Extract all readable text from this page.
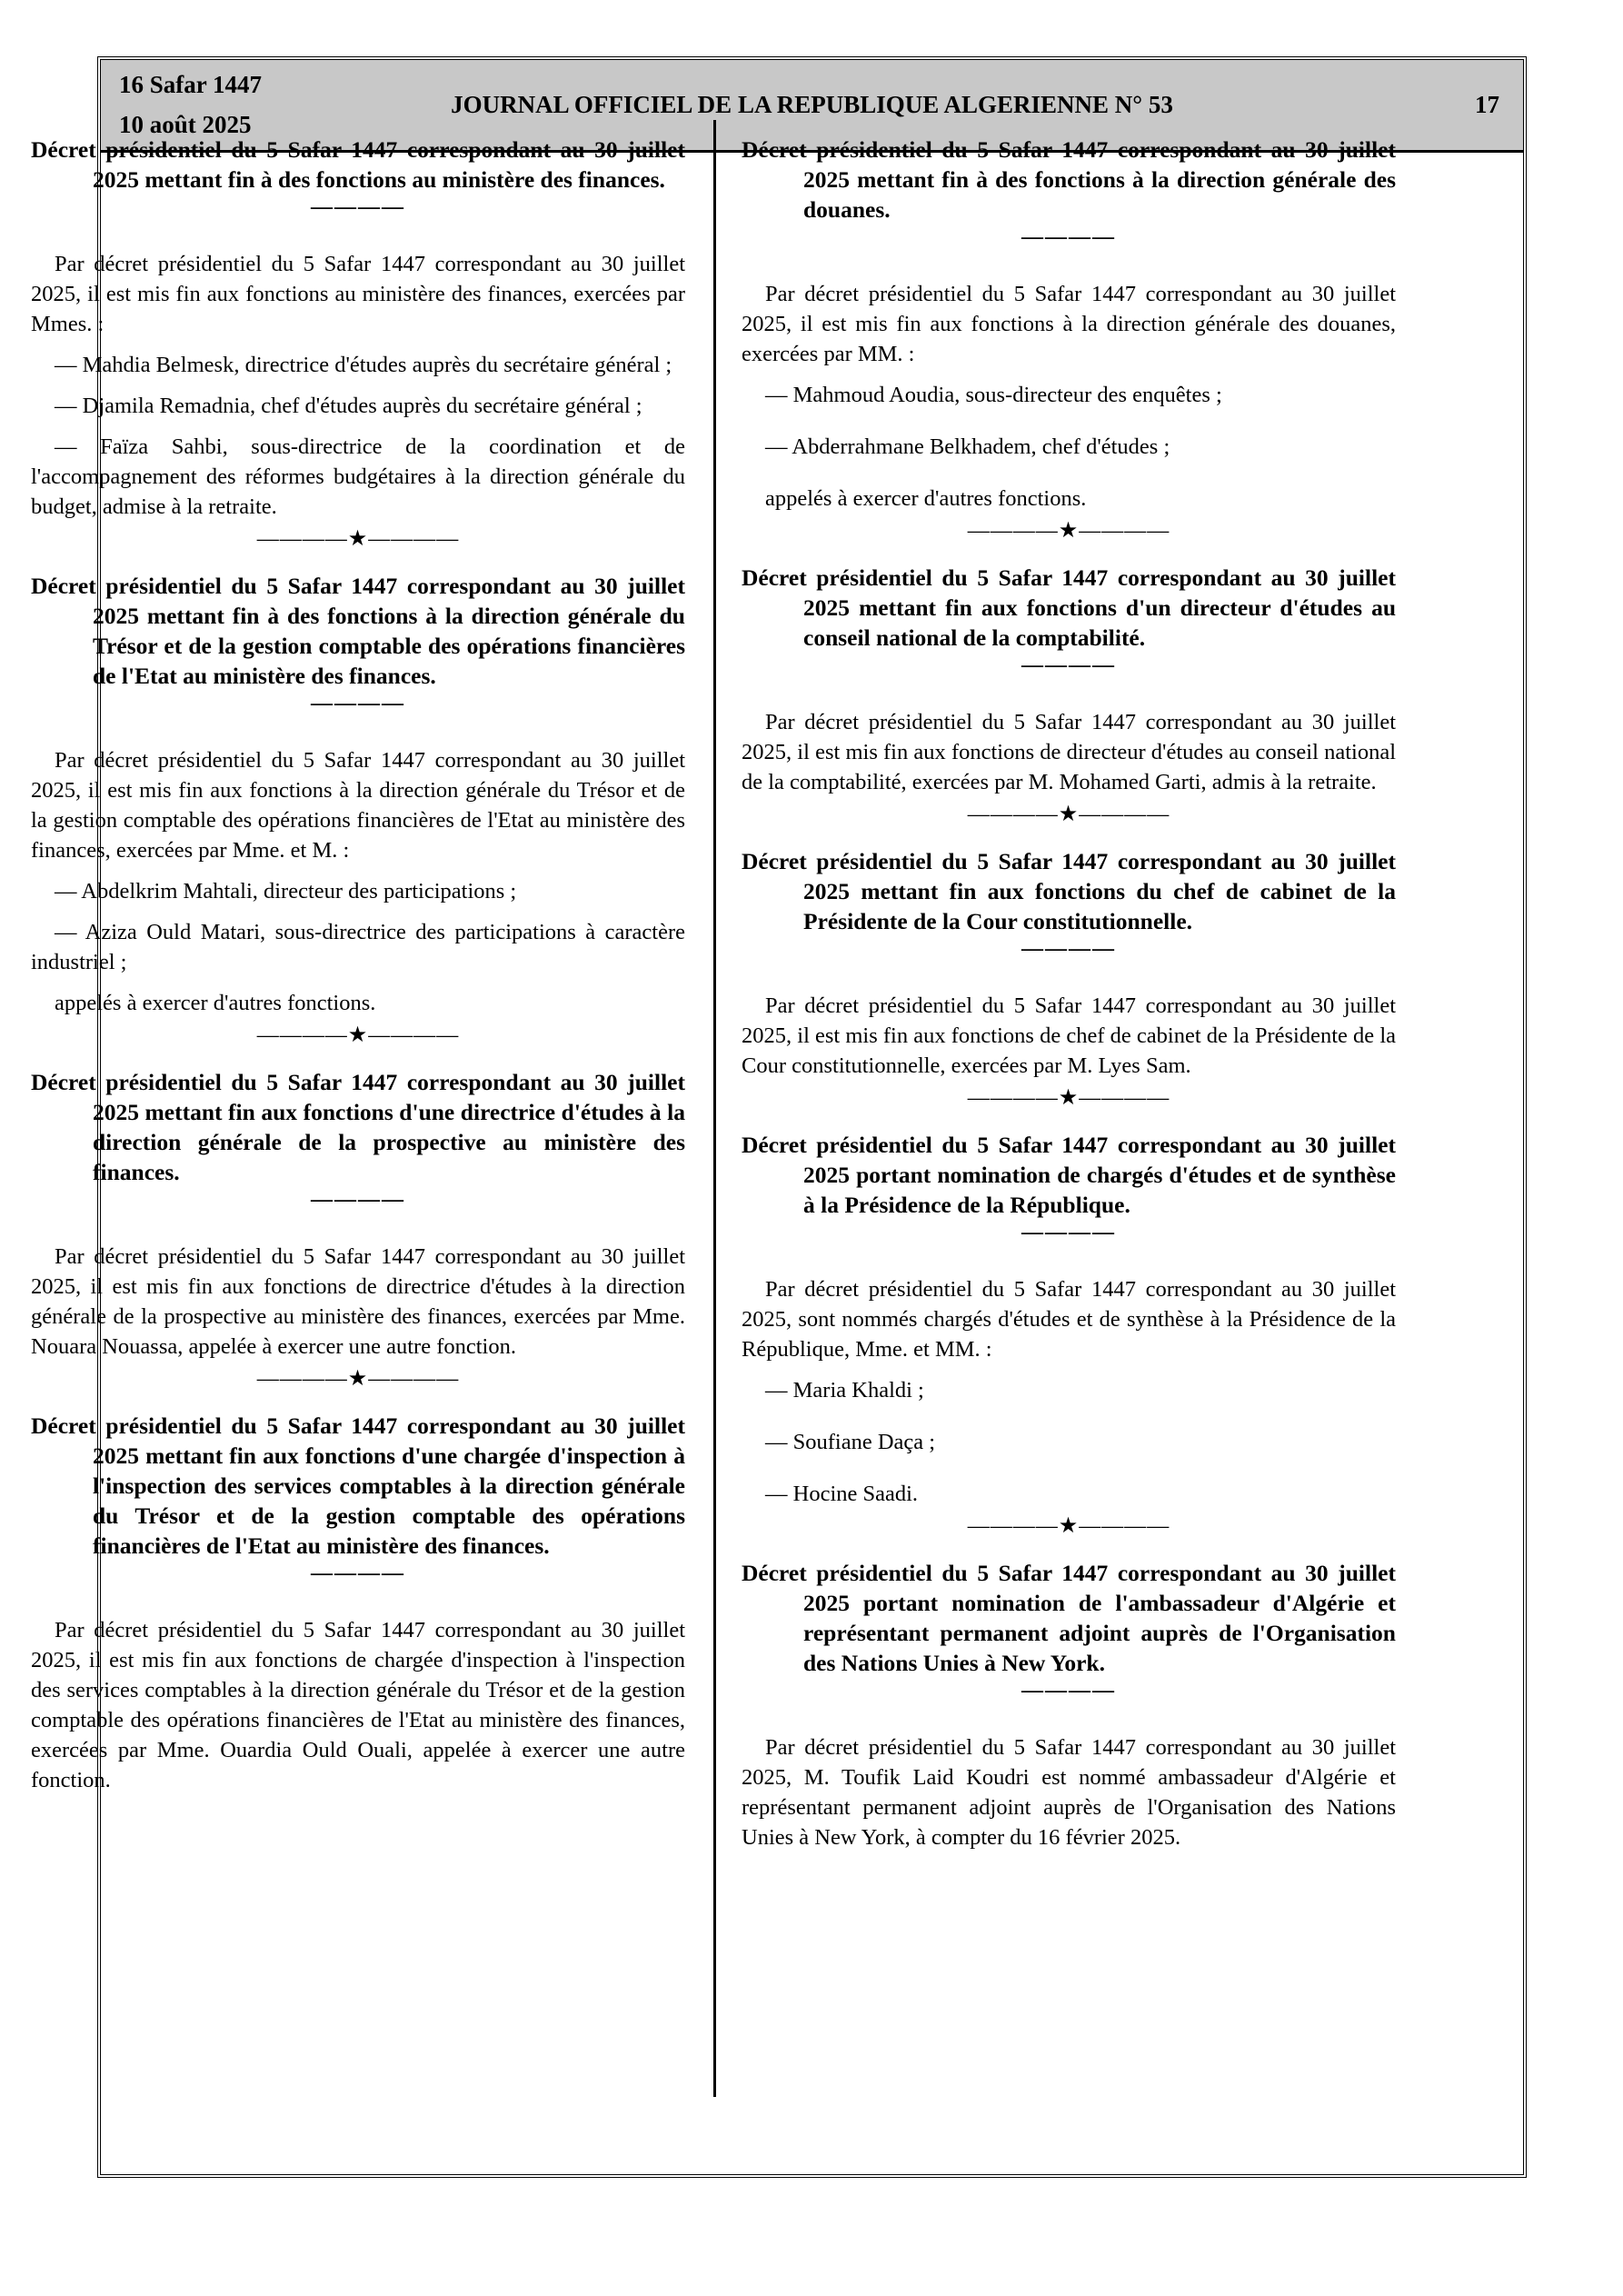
16 Safar 1447
10 août 2025
JOURNAL OFFICIEL DE LA REPUBLIQUE ALGERIENNE N° 53	17

Décret présidentiel du 5 Safar 1447 correspondant au 30 juillet 2025 mettant fin à des fonctions au ministère des finances.

————

Par décret présidentiel du 5 Safar 1447 correspondant au 30 juillet 2025, il est mis fin aux fonctions au ministère des finances, exercées par Mmes. :

— Mahdia Belmesk, directrice d'études auprès du secrétaire général ;

— Djamila Remadnia, chef d'études auprès du secrétaire général ;

— Faïza Sahbi, sous-directrice de la coordination et de l'accompagnement des réformes budgétaires à la direction générale du budget, admise à la retraite.

————★————

Décret présidentiel du 5 Safar 1447 correspondant au 30 juillet 2025 mettant fin à des fonctions à la direction générale du Trésor et de la gestion comptable des opérations financières de l'Etat au ministère des finances.

————

Par décret présidentiel du 5 Safar 1447 correspondant au 30 juillet 2025, il est mis fin aux fonctions à la direction générale du Trésor et de la gestion comptable des opérations financières de l'Etat au ministère des finances, exercées par Mme. et M. :

— Abdelkrim Mahtali, directeur des participations ;

— Aziza Ould Matari, sous-directrice des participations à caractère industriel ;

appelés à exercer d'autres fonctions.

————★————

Décret présidentiel du 5 Safar 1447 correspondant au 30 juillet 2025 mettant fin aux fonctions d'une directrice d'études à la direction générale de la prospective au ministère des finances.

————

Par décret présidentiel du 5 Safar 1447 correspondant au 30 juillet 2025, il est mis fin aux fonctions de directrice d'études à la direction générale de la prospective au ministère des finances, exercées par Mme. Nouara Nouassa, appelée à exercer une autre fonction.

————★————

Décret présidentiel du 5 Safar 1447 correspondant au 30 juillet 2025 mettant fin aux fonctions d'une chargée d'inspection à l'inspection des services comptables à la direction générale du Trésor et de la gestion comptable des opérations financières de l'Etat au ministère des finances.

————

Par décret présidentiel du 5 Safar 1447 correspondant au 30 juillet 2025, il est mis fin aux fonctions de chargée d'inspection à l'inspection des services comptables à la direction générale du Trésor et de la gestion comptable des opérations financières de l'Etat au ministère des finances, exercées par Mme. Ouardia Ould Ouali, appelée à exercer une autre fonction.

Décret présidentiel du 5 Safar 1447 correspondant au 30 juillet 2025 mettant fin à des fonctions à la direction générale des douanes.

————

Par décret présidentiel du 5 Safar 1447 correspondant au 30 juillet 2025, il est mis fin aux fonctions à la direction générale des douanes, exercées par MM. :

— Mahmoud Aoudia, sous-directeur des enquêtes ;

— Abderrahmane Belkhadem, chef d'études ;

appelés à exercer d'autres fonctions.

————★————

Décret présidentiel du 5 Safar 1447 correspondant au 30 juillet 2025 mettant fin aux fonctions d'un directeur d'études au conseil national de la comptabilité.

————

Par décret présidentiel du 5 Safar 1447 correspondant au 30 juillet 2025, il est mis fin aux fonctions de directeur d'études au conseil national de la comptabilité, exercées par M. Mohamed Garti, admis à la retraite.

————★————

Décret présidentiel du 5 Safar 1447 correspondant au 30 juillet 2025 mettant fin aux fonctions du chef de cabinet de la Présidente de la Cour constitutionnelle.

————

Par décret présidentiel du 5 Safar 1447 correspondant au 30 juillet 2025, il est mis fin aux fonctions de chef de cabinet de la Présidente de la Cour constitutionnelle, exercées par M. Lyes Sam.

————★————

Décret présidentiel du 5 Safar 1447 correspondant au 30 juillet 2025 portant nomination de chargés d'études et de synthèse à la Présidence de la République.

————

Par décret présidentiel du 5 Safar 1447 correspondant au 30 juillet 2025, sont nommés chargés d'études et de synthèse à la Présidence de la République, Mme. et MM. :

— Maria Khaldi ;

— Soufiane Daça ;

— Hocine Saadi.

————★————

Décret présidentiel du 5 Safar 1447 correspondant au 30 juillet 2025 portant nomination de l'ambassadeur d'Algérie et représentant permanent adjoint auprès de l'Organisation des Nations Unies à New York.

————

Par décret présidentiel du 5 Safar 1447 correspondant au 30 juillet 2025, M. Toufik Laid Koudri est nommé ambassadeur d'Algérie et représentant permanent adjoint auprès de l'Organisation des Nations Unies à New York, à compter du 16 février 2025.
